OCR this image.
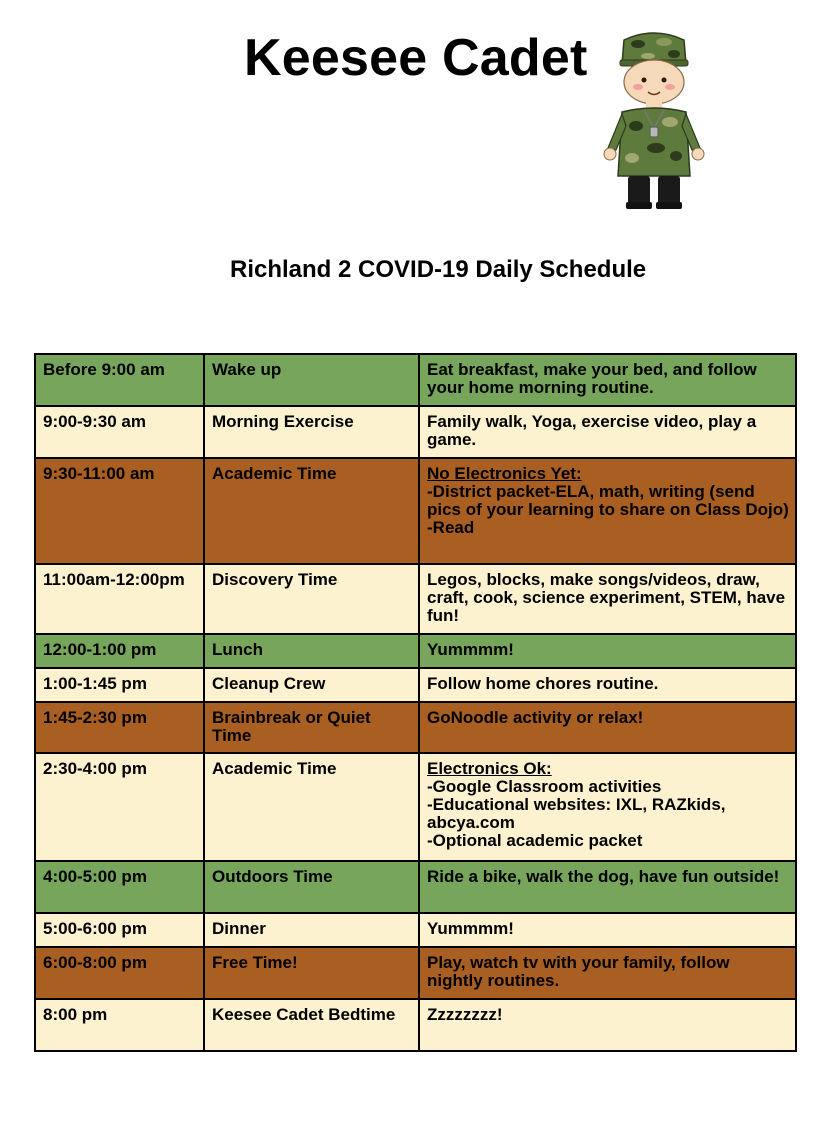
Keesee Cadet
Richland 2 COVID-19 Daily Schedule
Before 9:00 am	Wake up	Eat breakfast, make your bed, and follow your home morning routine.
9:00-9:30 am	Morning Exercise	Family walk, Yoga, exercise video, play a game.
9:30-11:00 am	Academic Time	No Electronics Yet:
-District packet-ELA, math, writing (send pics of your learning to share on Class Dojo)
-Read

11:00am-12:00pm	Discovery Time	Legos, blocks, make songs/videos, draw, craft, cook, science experiment, STEM, have fun!
12:00-1:00 pm	Lunch	Yummmm!
1:00-1:45 pm	Cleanup Crew	Follow home chores routine.
1:45-2:30 pm	Brainbreak or Quiet Time	GoNoodle activity or relax!
2:30-4:00 pm	Academic Time	Electronics Ok:
-Google Classroom activities
-Educational websites: IXL, RAZkids, abcya.com
-Optional academic packet

4:00-5:00 pm	Outdoors Time	Ride a bike, walk the dog, have fun outside!
5:00-6:00 pm	Dinner	Yummmm!
6:00-8:00 pm	Free Time!	Play, watch tv with your family, follow nightly routines.
8:00 pm	Keesee Cadet Bedtime	Zzzzzzzz!
